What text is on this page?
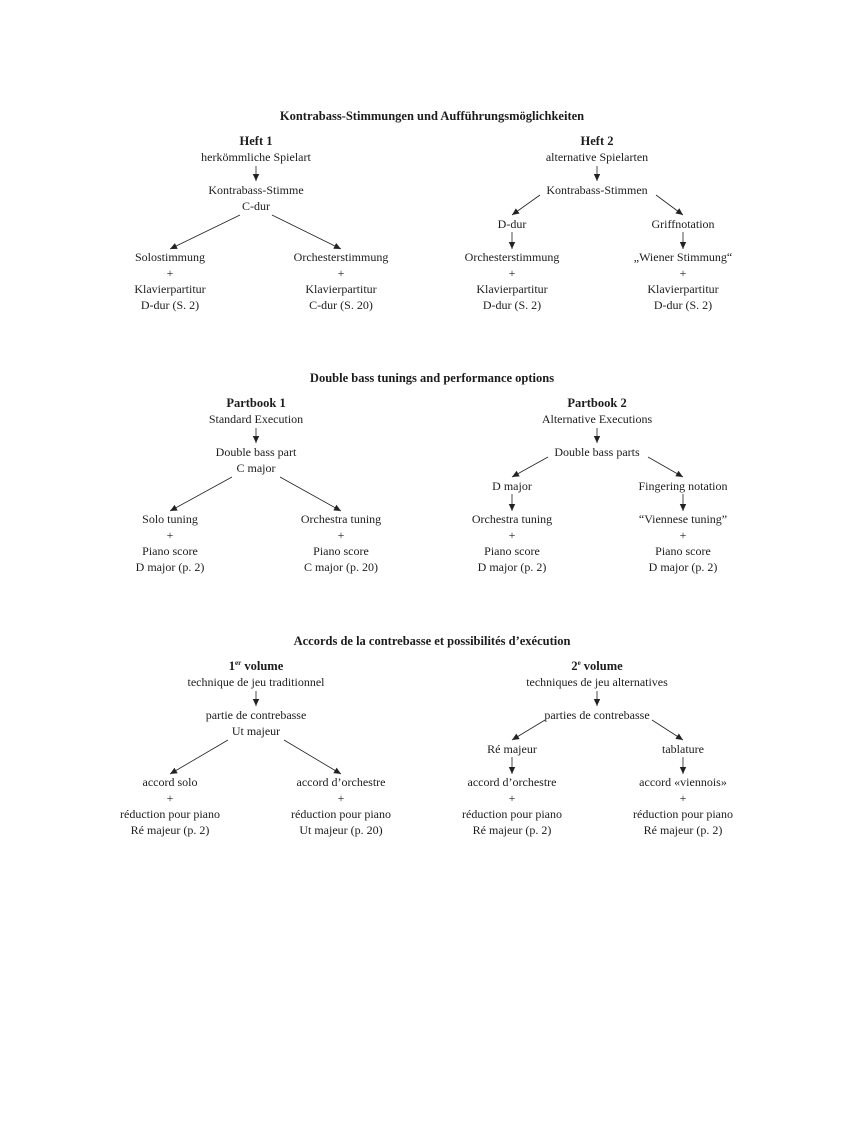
Kontrabass-Stimmungen und Aufführungsmöglichkeiten
Heft 1
herkömmliche Spielart
Kontrabass-Stimme
C-dur
Solostimmung
+
Klavierpartitur
D-dur (S. 2)
Orchesterstimmung
+
Klavierpartitur
C-dur (S. 20)
Heft 2
alternative Spielarten
Kontrabass-Stimmen
D-dur	Griffnotation
Orchesterstimmung
+
Klavierpartitur
D-dur (S. 2)
„Wiener Stimmung“
+
Klavierpartitur
D-dur (S. 2)
Double bass tunings and performance options
Partbook 1
Standard Execution
Double bass part
C major
Solo tuning
+
Piano score
D major (p. 2)
Orchestra tuning
+
Piano score
C major (p. 20)
Partbook 2
Alternative Executions
Double bass parts
D major	Fingering notation
Orchestra tuning
+
Piano score
D major (p. 2)
“Viennese tuning”
+
Piano score
D major (p. 2)
Accords de la contrebasse et possibilités d’exécution
1er volume
technique de jeu traditionnel
partie de contrebasse
Ut majeur
accord solo
+
réduction pour piano
Ré majeur (p. 2)
accord d’orchestre
+
réduction pour piano
Ut majeur (p. 20)
2e volume
techniques de jeu alternatives
parties de contrebasse
Ré majeur	tablature
accord d’orchestre
+
réduction pour piano
Ré majeur (p. 2)
accord «viennois»
+
réduction pour piano
Ré majeur (p. 2)
